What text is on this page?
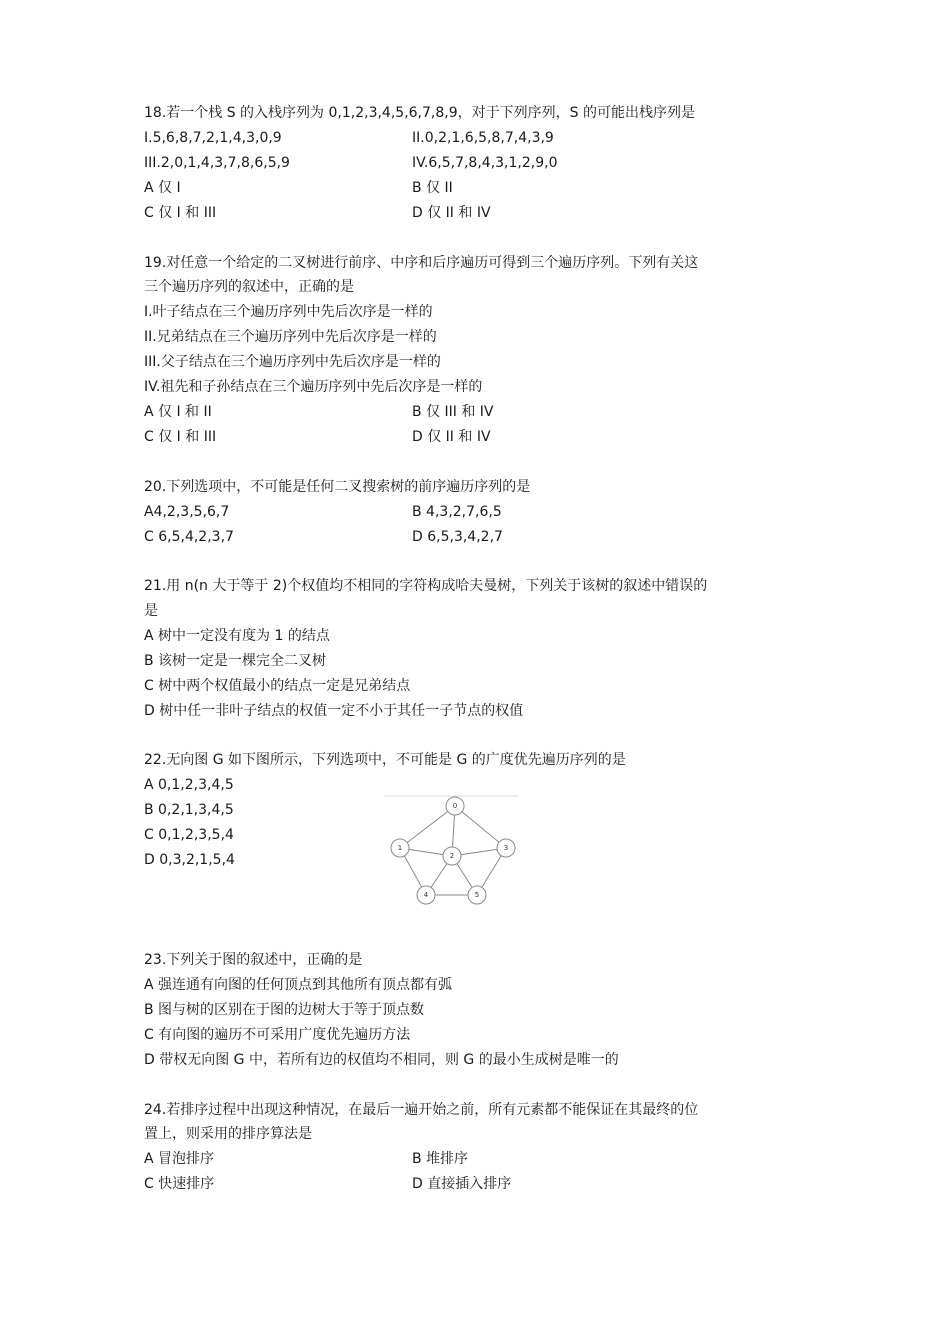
18.若一个栈 S 的入栈序列为 0,1,2,3,4,5,6,7,8,9，对于下列序列，S 的可能出栈序列是
I.5,6,8,7,2,1,4,3,0,9	II.0,2,1,6,5,8,7,4,3,9
III.2,0,1,4,3,7,8,6,5,9	IV.6,5,7,8,4,3,1,2,9,0
A 仅 I	B 仅 II
C 仅 I 和 III	D 仅 II 和 IV
19.对任意一个给定的二叉树进行前序、中序和后序遍历可得到三个遍历序列。下列有关这
三个遍历序列的叙述中，正确的是
I.叶子结点在三个遍历序列中先后次序是一样的
II.兄弟结点在三个遍历序列中先后次序是一样的
III.父子结点在三个遍历序列中先后次序是一样的
IV.祖先和子孙结点在三个遍历序列中先后次序是一样的
A 仅 I 和 II	B 仅 III 和 IV
C 仅 I 和 III	D 仅 II 和 IV
20.下列选项中，不可能是任何二叉搜索树的前序遍历序列的是
A4,2,3,5,6,7	B 4,3,2,7,6,5
C 6,5,4,2,3,7	D 6,5,3,4,2,7
21.用 n(n 大于等于 2)个权值均不相同的字符构成哈夫曼树，下列关于该树的叙述中错误的
是
A 树中一定没有度为 1 的结点
B 该树一定是一棵完全二叉树
C 树中两个权值最小的结点一定是兄弟结点
D 树中任一非叶子结点的权值一定不小于其任一子节点的权值
22.无向图 G 如下图所示，下列选项中，不可能是 G 的广度优先遍历序列的是
A 0,1,2,3,4,5
B 0,2,1,3,4,5
C 0,1,2,3,5,4
D 0,3,2,1,5,4
0
1
2
3
4	5
23.下列关于图的叙述中，正确的是
A 强连通有向图的任何顶点到其他所有顶点都有弧
B 图与树的区别在于图的边树大于等于顶点数
C 有向图的遍历不可采用广度优先遍历方法
D 带权无向图 G 中，若所有边的权值均不相同，则 G 的最小生成树是唯一的
24.若排序过程中出现这种情况，在最后一遍开始之前，所有元素都不能保证在其最终的位
置上，则采用的排序算法是
A 冒泡排序	B 堆排序
C 快速排序	D 直接插入排序
